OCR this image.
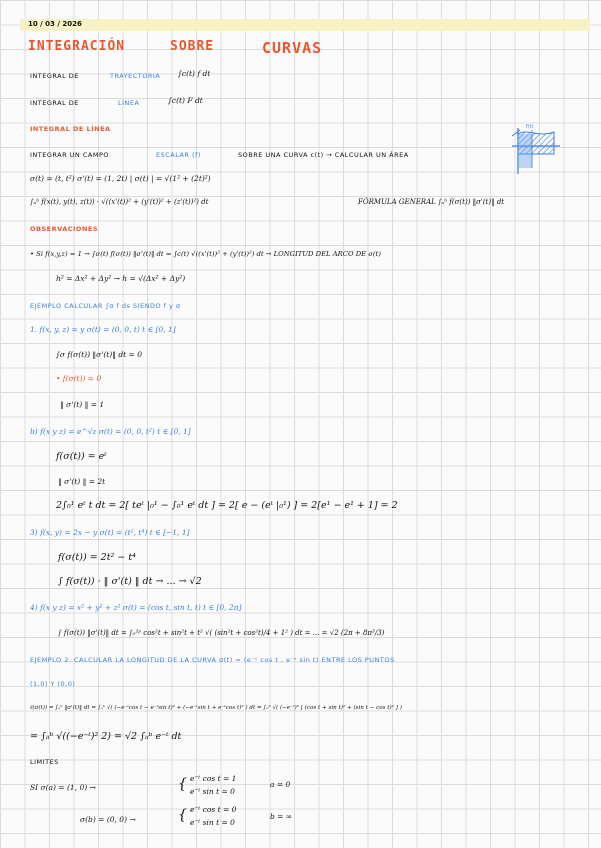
10 / 03 / 2026
INTEGRACIÓN	SOBRE	CURVAS
INTEGRAL DE	TRAYECTORIA ∫c(t) f dt
INTEGRAL DE	LÍNEA	∫c(t) F dt
INTEGRAL DE LÍNEA
INTEGRAR UN CAMPO	ESCALAR (f)	SOBRE UNA CURVA c(t) → CALCULAR UN ÁREA
σ(t) = (t, t²) σ'(t) = (1, 2t) | σ(t) | = √(1² + (2t)²)
∫ₐᵇ f(x(t), y(t), z(t)) · √((x'(t))² + (y'(t))² + (z'(t))²) dt	FÓRMULA GENERAL ∫ₐᵇ f(σ(t)) ‖σ'(t)‖ dt
OBSERVACIONES
• Si f(x,y,z) = 1 → ∫σ(t) f(σ(t)) ‖σ'(t)‖ dt = ∫c(t) √((x'(t))² + (y'(t))²) dt → LONGITUD DEL ARCO DE σ(t)
h² = Δx² + Δy² → h = √(Δx² + Δy²)
EJEMPLO CALCULAR ∫σ f ds SIENDO f y σ
1. f(x, y, z) = y σ(t) = (0, 0, t) t ∈ [0, 1]
∫σ f(σ(t)) ‖σ'(t)‖ dt = 0
• f(σ(t)) = 0
‖ σ'(t) ‖ = 1
b) f(x y z) = e^√z σ(t) = (0, 0, t²) t ∈ [0, 1]
f(σ(t)) = eᵗ
‖ σ'(t) ‖ = 2t
2∫₀¹ eᵗ t dt = 2[ teᵗ |₀¹ − ∫₀¹ eᵗ dt ] = 2[ e − (eᵗ |₀¹) ] = 2[e¹ − e¹ + 1] = 2
3) f(x, y) = 2x − y σ(t) = (t², t⁴) t ∈ [−1, 1]
f(σ(t)) = 2t² − t⁴
∫ f(σ(t)) · ‖ σ'(t) ‖ dt → ... → √2
4) f(x y z) = x² + y² + z² σ(t) = (cos t, sin t, t) t ∈ [0, 2π]
∫ f(σ(t)) ‖σ'(t)‖ dt = ∫₀²ᵖ cos²t + sin²t + t² √( (sin²t + cos²t)/4 + 1² ) dt = ... = √2 (2π + 8π³/3)
EJEMPLO 2. CALCULAR LA LONGITUD DE LA CURVA σ(t) = (e⁻ᵗ cos t , e⁻ᵗ sin t) ENTRE LOS PUNTOS
(1,0) Y (0,0)
ℓ(σ(t)) = ∫ₐᵇ ‖σ'(t)‖ dt = ∫ₐᵇ √( (−e⁻ᵗcos t − e⁻ᵗsin t)² + (−e⁻ᵗsin t + e⁻ᵗcos t)² ) dt = ∫ₐᵇ √( (−e⁻ᵗ)² [ (cos t + sin t)² + (sin t − cos t)² ] )
= ∫ₐᵇ √((−e⁻ᵗ)² 2) = √2 ∫ₐᵇ e⁻ᵗ dt
LIMITES
SI σ(a) = (1, 0) →	{ e⁻ᵗ cos t = 1
e⁻ᵗ sin t = 0
a = 0
σ(b) = (0, 0) →	{ e⁻ᵗ cos t = 0
e⁻ᵗ sin t = 0
b = ∞
f(t)
